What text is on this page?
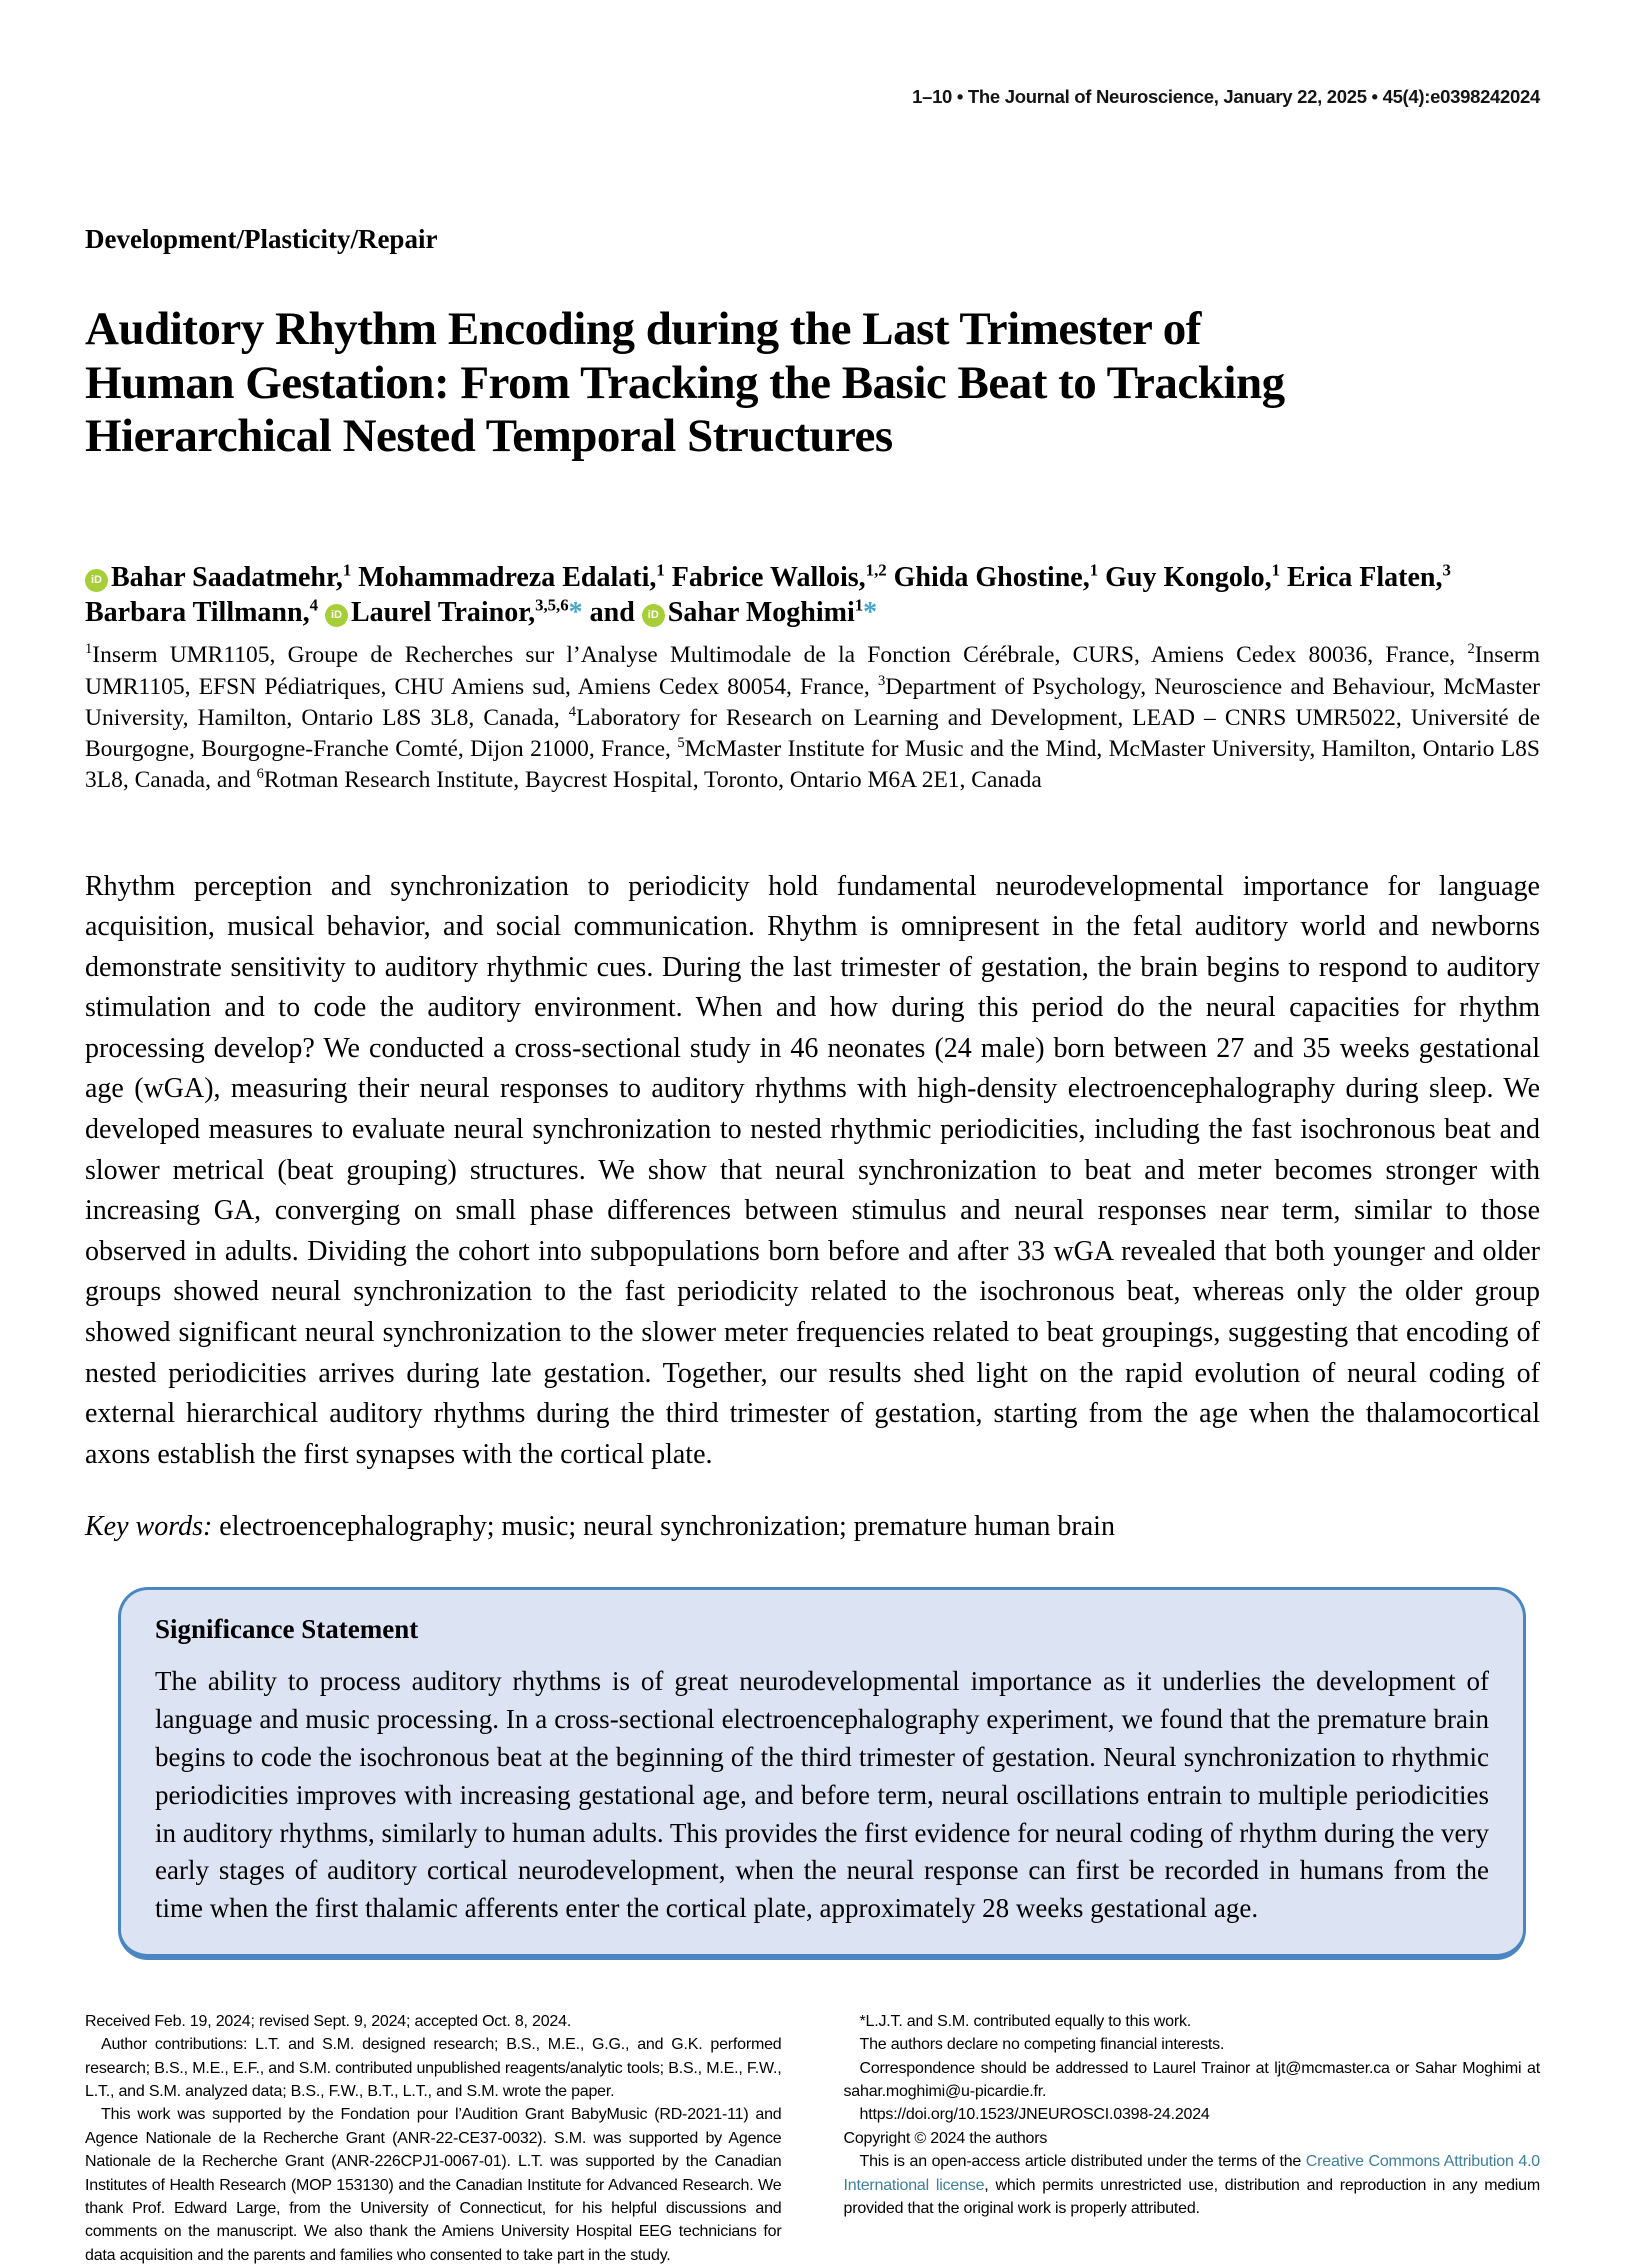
1–10 • The Journal of Neuroscience, January 22, 2025 • 45(4):e0398242024
Development/Plasticity/Repair
Auditory Rhythm Encoding during the Last Trimester of
Human Gestation: From Tracking the Basic Beat to Tracking
Hierarchical Nested Temporal Structures
iD Bahar Saadatmehr,$^1$ Mohammadreza Edalati,$^1$ Fabrice Wallois,$^{1,2}$ Ghida Ghostine,$^1$ Guy Kongolo,$^1$ Erica Flaten,$^3$
Barbara Tillmann,$^4$ iD Laurel Trainor,$^{3,5,6}$* and iD Sahar Moghimi$^1$*
$^1$Inserm UMR1105, Groupe de Recherches sur l’Analyse Multimodale de la Fonction Cérébrale, CURS, Amiens Cedex 80036, France, $^2$Inserm UMR1105, EFSN Pédiatriques, CHU Amiens sud, Amiens Cedex 80054, France, $^3$Department of Psychology, Neuroscience and Behaviour, McMaster University, Hamilton, Ontario L8S 3L8, Canada, $^4$Laboratory for Research on Learning and Development, LEAD – CNRS UMR5022, Université de Bourgogne, Bourgogne-Franche Comté, Dijon 21000, France, $^5$McMaster Institute for Music and the Mind, McMaster University, Hamilton, Ontario L8S 3L8, Canada, and $^6$Rotman Research Institute, Baycrest Hospital, Toronto, Ontario M6A 2E1, Canada

Rhythm perception and synchronization to periodicity hold fundamental neurodevelopmental importance for language acquisition, musical behavior, and social communication. Rhythm is omnipresent in the fetal auditory world and newborns demonstrate sensitivity to auditory rhythmic cues. During the last trimester of gestation, the brain begins to respond to auditory stimulation and to code the auditory environment. When and how during this period do the neural capacities for rhythm processing develop? We conducted a cross-sectional study in 46 neonates (24 male) born between 27 and 35 weeks gestational age (wGA), measuring their neural responses to auditory rhythms with high-density electroencephalography during sleep. We developed measures to evaluate neural synchronization to nested rhythmic periodicities, including the fast isochronous beat and slower metrical (beat grouping) structures. We show that neural synchronization to beat and meter becomes stronger with increasing GA, converging on small phase differences between stimulus and neural responses near term, similar to those observed in adults. Dividing the cohort into subpopulations born before and after 33 wGA revealed that both younger and older groups showed neural synchronization to the fast periodicity related to the isochronous beat, whereas only the older group showed significant neural synchronization to the slower meter frequencies related to beat groupings, suggesting that encoding of nested periodicities arrives during late gestation. Together, our results shed light on the rapid evolution of neural coding of external hierarchical auditory rhythms during the third trimester of gestation, starting from the age when the thalamocortical axons establish the first synapses with the cortical plate.

Key words: electroencephalography; music; neural synchronization; premature human brain

Significance Statement

The ability to process auditory rhythms is of great neurodevelopmental importance as it underlies the development of language and music processing. In a cross-sectional electroencephalography experiment, we found that the premature brain begins to code the isochronous beat at the beginning of the third trimester of gestation. Neural synchronization to rhythmic periodicities improves with increasing gestational age, and before term, neural oscillations entrain to multiple periodicities in auditory rhythms, similarly to human adults. This provides the first evidence for neural coding of rhythm during the very early stages of auditory cortical neurodevelopment, when the neural response can first be recorded in humans from the time when the first thalamic afferents enter the cortical plate, approximately 28 weeks gestational age.

Received Feb. 19, 2024; revised Sept. 9, 2024; accepted Oct. 8, 2024.

Author contributions: L.T. and S.M. designed research; B.S., M.E., G.G., and G.K. performed research; B.S., M.E., E.F., and S.M. contributed unpublished reagents/analytic tools; B.S., M.E., F.W., L.T., and S.M. analyzed data; B.S., F.W., B.T., L.T., and S.M. wrote the paper.

This work was supported by the Fondation pour l’Audition Grant BabyMusic (RD-2021-11) and Agence Nationale de la Recherche Grant (ANR-22-CE37-0032). S.M. was supported by Agence Nationale de la Recherche Grant (ANR-226CPJ1-0067-01). L.T. was supported by the Canadian Institutes of Health Research (MOP 153130) and the Canadian Institute for Advanced Research. We thank Prof. Edward Large, from the University of Connecticut, for his helpful discussions and comments on the manuscript. We also thank the Amiens University Hospital EEG technicians for data acquisition and the parents and families who consented to take part in the study.

*L.J.T. and S.M. contributed equally to this work.

The authors declare no competing financial interests.

Correspondence should be addressed to Laurel Trainor at ljt@mcmaster.ca or Sahar Moghimi at sahar.moghimi@u-picardie.fr.

https://doi.org/10.1523/JNEUROSCI.0398-24.2024

Copyright © 2024 the authors

This is an open-access article distributed under the terms of the Creative Commons Attribution 4.0 International license, which permits unrestricted use, distribution and reproduction in any medium provided that the original work is properly attributed.
